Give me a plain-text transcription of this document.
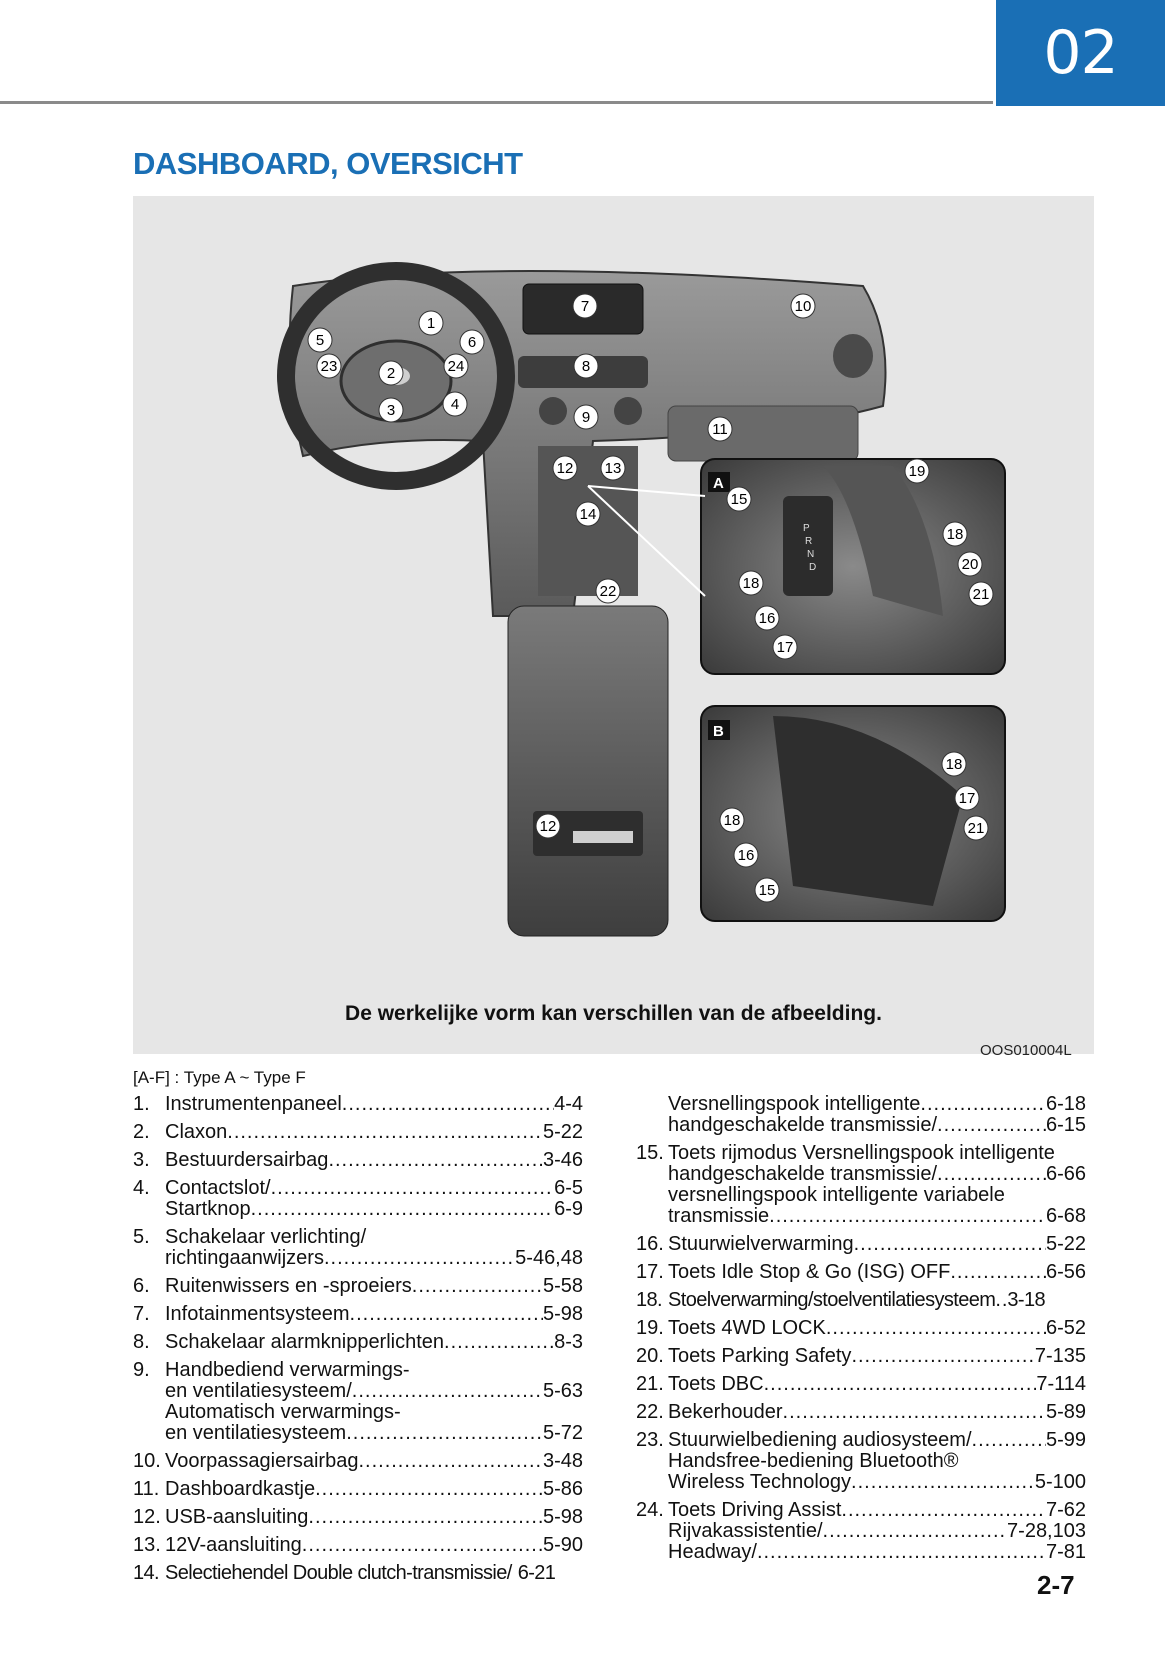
02
DASHBOARD, OVERSICHT
P
R
N
D
A
B
1
2
3	4
5	6
7
8
9
10
11
12 13
14
22
23	24
12
15
16
17
18
18
19
20
21
15
16
17
18
18	21
De werkelijke vorm kan verschillen van de afbeelding.
OOS010004L
[A-F] : Type A ~ Type F
1. Instrumentenpaneel .....	4-4
2. Claxon .....	5-22
3. Bestuurdersairbag .....	3-46
4. Contactslot/ .....	6-5
Startknop .....	6-9
5. Schakelaar verlichting/
richtingaanwijzers .....	5-46,48
6. Ruitenwissers en -sproeiers .....	5-58
7. Infotainmentsysteem .....	5-98
8. Schakelaar alarmknipperlichten .....	8-3
9. Handbediend verwarmings-
en ventilatiesysteem/ .....	5-63
Automatisch verwarmings-
en ventilatiesysteem .....	5-72
10. Voorpassagiersairbag .....	3-48
11. Dashboardkastje .....	5-86
12. USB-aansluiting .....	5-98
13. 12V-aansluiting .....	5-90
14. Selectiehendel Double clutch-transmissie/ 6-21
Versnellingspook intelligente .....	6-18
handgeschakelde transmissie/ .....	6-15
15. Toets rijmodus Versnellingspook intelligente
handgeschakelde transmissie/ .....	6-66
versnellingspook intelligente variabele
transmissie .....	6-68
16. Stuurwielverwarming .....	5-22
17. Toets Idle Stop & Go (ISG) OFF .....	6-56
18. Stoelverwarming/stoelventilatiesysteem ..... 3-18
19. Toets 4WD LOCK .....	6-52
20. Toets Parking Safety .....	7-135
21. Toets DBC .....	7-114
22. Bekerhouder .....	5-89
23. Stuurwielbediening audiosysteem/ .....	5-99
Handsfree-bediening Bluetooth®
Wireless Technology .....	5-100
24. Toets Driving Assist .....	7-62
Rijvakassistentie/ .....	7-28,103
Headway/ .....	7-81
2-7
